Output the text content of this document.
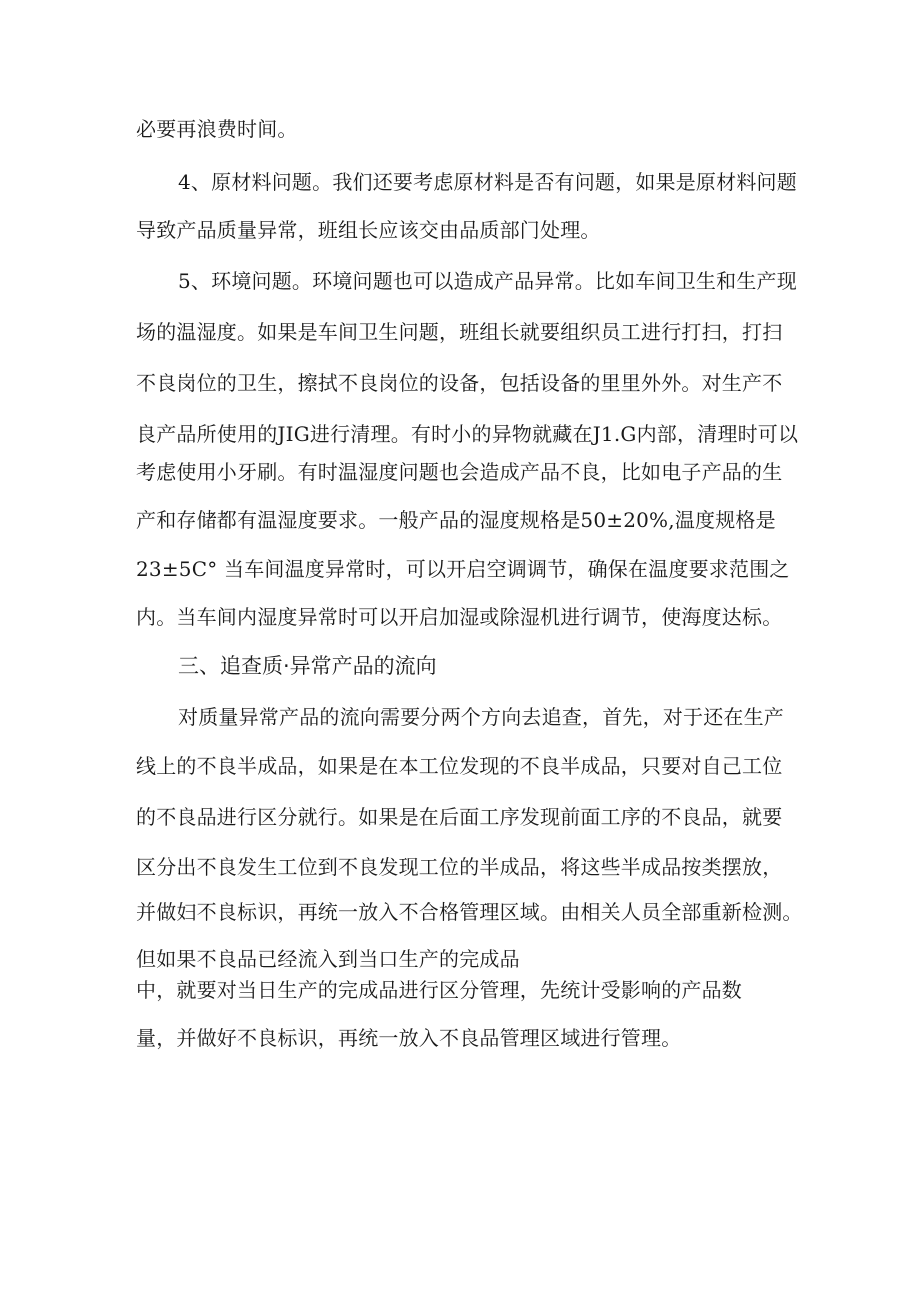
必要再浪费时间。
4、原材料问题。我们还要考虑原材料是否有问题，如果是原材料问题
导致产品质量异常，班组长应该交由品质部门处理。
5、环境问题。环境问题也可以造成产品异常。比如车间卫生和生产现
场的温湿度。如果是车间卫生问题，班组长就要组织员工进行打扫，打扫
不良岗位的卫生，擦拭不良岗位的设备，包括设备的里里外外。对生产不
良产品所使用的JIG进行清理。有时小的异物就藏在J1.G内部，清理时可以
考虑使用小牙刷。有时温湿度问题也会造成产品不良，比如电子产品的生
产和存储都有温湿度要求。一般产品的湿度规格是50±20%,温度规格是
23±5C° 当车间温度异常时，可以开启空调调节，确保在温度要求范围之
内。当车间内湿度异常时可以开启加湿或除湿机进行调节，使海度达标。
三、追查质·异常产品的流向
对质量异常产品的流向需要分两个方向去追查，首先，对于还在生产
线上的不良半成品，如果是在本工位发现的不良半成品，只要对自己工位
的不良品进行区分就行。如果是在后面工序发现前面工序的不良品，就要
区分出不良发生工位到不良发现工位的半成品，将这些半成品按类摆放，
并做妇不良标识，再统一放入不合格管理区域。由相关人员全部重新检测。
但如果不良品已经流入到当口生产的完成品
中，就要对当日生产的完成品进行区分管理，先统计受影响的产品数
量，并做好不良标识，再统一放入不良品管理区域进行管理。
